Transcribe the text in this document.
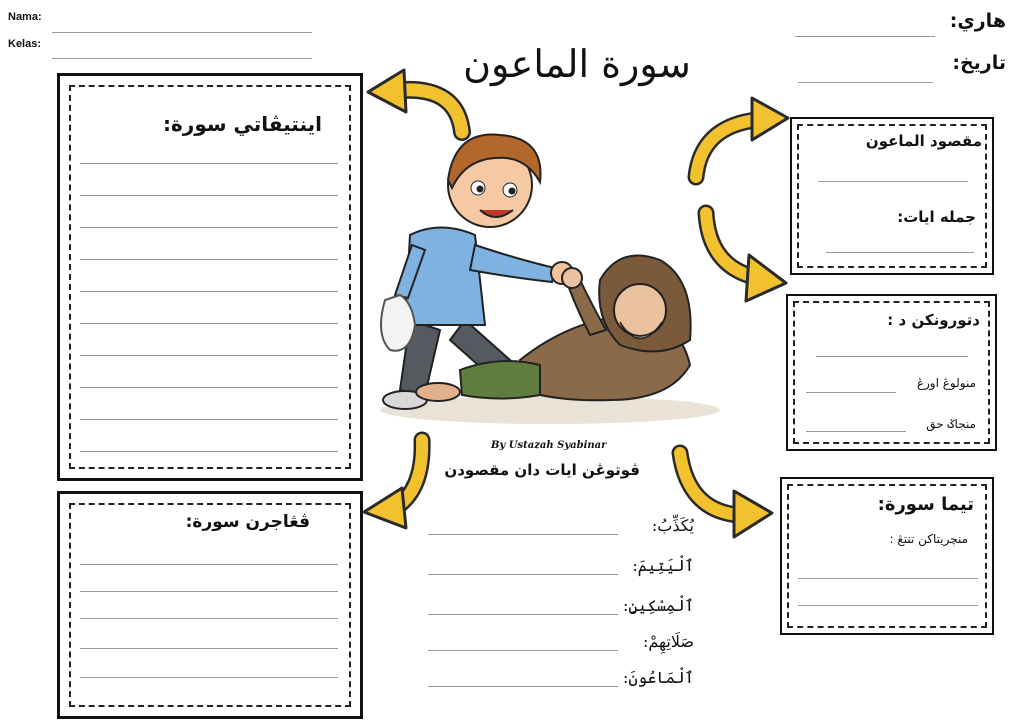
Nama:
Kelas:
هاري:
تاريخ:
سورة الماعون
اينتيڤاتي سورة:
ڤڠاجرن سورة:
مقصود الماعون
جمله ايات:
دتورونكن د :
منولوڠ اورڠ
منجاݢ حق
تيما سورة:
منچريتاكن تنتڠ :
By Ustazah Syabinar
ڤوتوڠن ايات دان مقصودن
يُكَذِّبُ:
ٱلْيَتِيمَ:
ٱلْمِسْكِينِ:
صَلَاتِهِمْ:
ٱلْمَاعُونَ:
